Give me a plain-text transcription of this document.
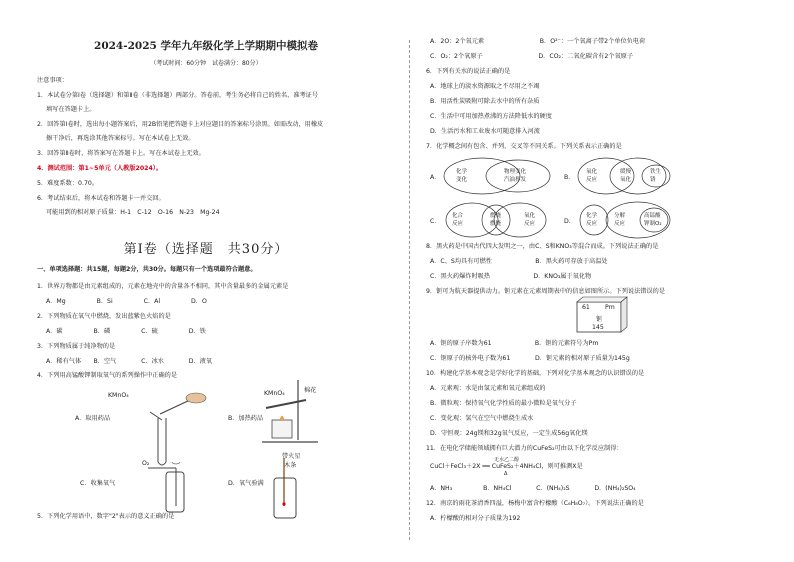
2024-2025 学年九年级化学上学期期中模拟卷
（考试时间：60分钟　试卷满分：80分）
注意事项：
1．本试卷分第Ⅰ卷（选择题）和第Ⅱ卷（非选择题）两部分。答卷前，考生务必将自己的姓名、准考证号
填写在答题卡上。
2．回答第Ⅰ卷时，选出每小题答案后，用2B铅笔把答题卡上对应题目的答案标号涂黑。如需改动，用橡皮
擦干净后，再选涂其他答案标号。写在本试卷上无效。
3．回答第Ⅱ卷时，将答案写在答题卡上。写在本试卷上无效。
4．测试范围：第1~5单元（人教版2024）。
5．难度系数：0.70。
6．考试结束后，将本试卷和答题卡一并交回。
可能用到的相对原子质量：H-1　C-12　O-16　N-23　Mg-24
第Ⅰ卷（选择题　共30分）
一、单项选择题：共15题，每题2分，共30分。每题只有一个选项最符合题意。
1．世界万物都是由元素组成的，元素在地壳中的含量各不相同，其中含量最多的金属元素是
A．Mg　　　　　B．Si　　　　　C．Al　　　　　D．O
2．下列物质在氧气中燃烧，发出蓝紫色火焰的是
A．碳　　　　　B．磷　　　　　C．硫　　　　　D．铁
3．下列物质属于纯净物的是
A．稀有气体　　B．空气　　　　C．冰水　　　　D．液氧
4．下列用高锰酸钾制取氧气的系列操作中正确的是
KMnO₄
A．取用药品
KMnO₄	棉花
B．加热药品
O₂
C．收集氧气
带火星
木条
D．氧气验满
5．下列化学用语中，数字"2"表示的意义正确的是
A．2O：2个氧元素　　　　　　　　　B．O²⁻：一个氧离子带2个单位负电荷
C．O₂：2个氧原子　　　　　　　　　D．CO₂：二氧化碳含有2个氧原子
6．下列有关水的说法正确的是
A．地球上的淡水资源取之不尽用之不竭
B．用活性炭吸附可除去水中的所有杂质
C．生活中可用加热煮沸的方法降低水的硬度
D．生活污水和工业废水可随意排入河流
7．化学概念间有包含、并列、交叉等不同关系。下列关系表示正确的是
A．
化学
变化
物理变化
汽油挥发	B．
氧化
反应
缓慢
氧化
铁生
锈
C．
化合
反应
燃烧
燃烧
氧化
反应	D．
化学
反应
分解
反应
高锰酸
钾制O₂
8．黑火药是中国古代四大发明之一，由C、S和KNO₃等混合而成。下列说法正确的是
A．C、S均具有可燃性　　　　　　　B．黑火药可存放于高温处
C．黑火药爆炸时吸热　　　　　　　D．KNO₃属于氧化物
9．钷可为航天器提供动力。钷元素在元素周期表中的信息如图所示。下列说法错误的是
61 Pm
钷
145
A．钷的原子序数为61　　　　　　　B．钷的元素符号为Pm
C．钷原子的核外电子数为61　　　　D．钷元素的相对原子质量为145g
10．构建化学基本观念是学好化学的基础，下列对化学基本观念的认识错误的是
A．元素观：水是由氢元素和氧元素组成的
B．微粒观：保持氧气化学性质的最小微粒是氧气分子
C．变化观：氢气在空气中燃烧生成水
D．守恒观：24g镁和32g氧气反应，一定生成56g氧化镁
11．在电化学储能领域拥有巨大潜力的CuFeS₂可由以下化学反应制得：
无水乙二醇
CuCl＋FeCl₃＋2X ══ CuFeS₂＋4NH₄Cl，则可推测X是
Δ
A．NH₃　　　　　B．NH₄Cl　　　　C．(NH₄)₂S　　　　D．(NH₄)₂SO₄
12．南京的雨花茶清香四溢，杨梅中富含柠檬酸（C₆H₈O₇）。下列说法正确的是
A．柠檬酸的相对分子质量为192
